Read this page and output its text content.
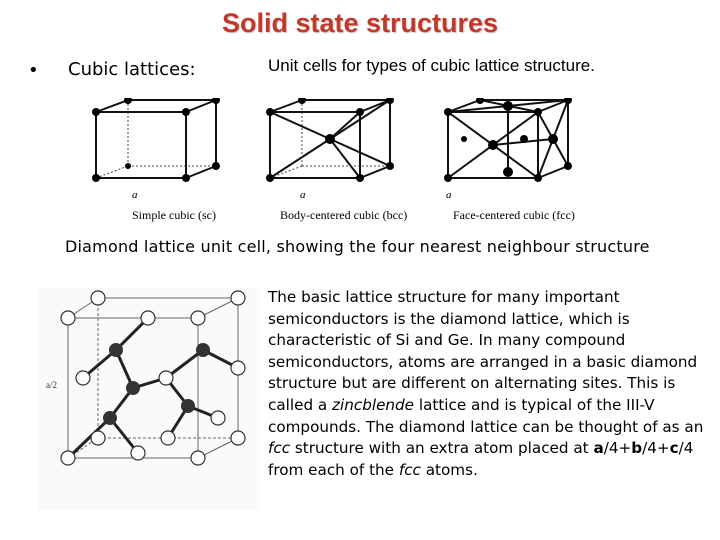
Solid state structures
• Cubic lattices:	Unit cells for types of cubic lattice structure.
a
Simple cubic (sc)
a
Body-centered cubic (bcc)
a
Face-centered cubic (fcc)
Diamond lattice unit cell, showing the four nearest neighbour structure
a/2

The basic lattice structure for many important semiconductors is the diamond lattice, which is characteristic of Si and Ge. In many compound semiconductors, atoms are arranged in a basic diamond structure but are different on alternating sites. This is called a zincblende lattice and is typical of the III-V compounds. The diamond lattice can be thought of as an fcc structure with an extra atom placed at a/4+b/4+c/4 from each of the fcc atoms.
